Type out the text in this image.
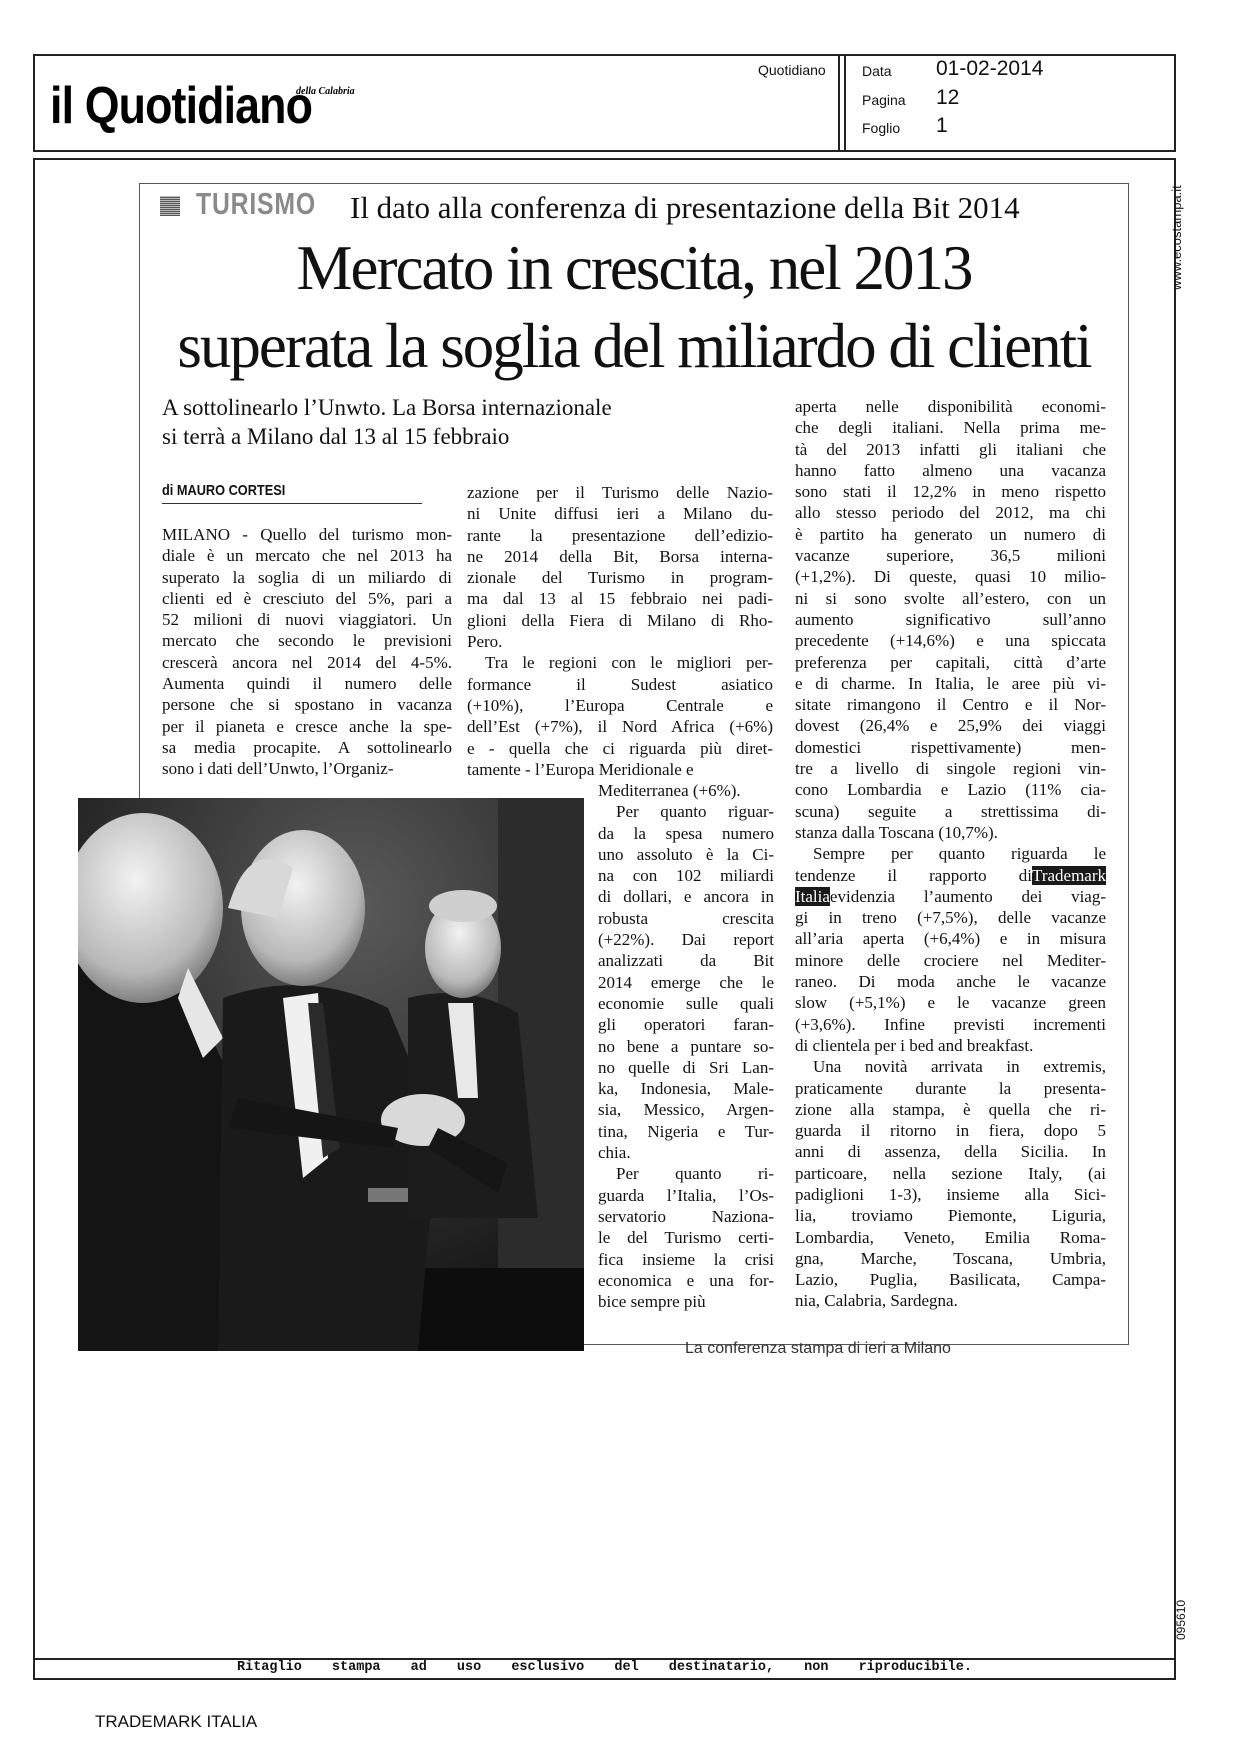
il Quotidiano
della Calabria
Quotidiano	Data 01-02-2014
Pagina 12
Foglio 1
www.ecostampa.it
095610
Ritaglio stampa ad uso esclusivo del destinatario, non riproducibile.
TRADEMARK ITALIA
TURISMO Il dato alla conferenza di presentazione della Bit 2014
Mercato in crescita, nel 2013
superata la soglia del miliardo di clienti
A sottolinearlo l’Unwto. La Borsa internazionale
si terrà a Milano dal 13 al 15 febbraio
di MAURO CORTESI
MILANO - Quello del turismo mon-
diale è un mercato che nel 2013 ha
superato la soglia di un miliardo di
clienti ed è cresciuto del 5%, pari a
52 milioni di nuovi viaggiatori. Un
mercato che secondo le previsioni
crescerà ancora nel 2014 del 4-5%.
Aumenta quindi il numero delle
persone che si spostano in vacanza
per il pianeta e cresce anche la spe-
sa media procapite. A sottolinearlo
sono i dati dell’Unwto, l’Organiz-
zazione per il Turismo delle Nazio-
ni Unite diffusi ieri a Milano du-
rante la presentazione dell’edizio-
ne 2014 della Bit, Borsa interna-
zionale del Turismo in program-
ma dal 13 al 15 febbraio nei padi-
glioni della Fiera di Milano di Rho-
Pero.
Tra le regioni con le migliori per-
formance il Sudest asiatico
(+10%), l’Europa Centrale e
dell’Est (+7%), il Nord Africa (+6%)
e - quella che ci riguarda più diret-
tamente - l’Europa Meridionale e
Mediterranea (+6%).
Per quanto riguar-
da la spesa numero
uno assoluto è la Ci-
na con 102 miliardi
di dollari, e ancora in
robusta crescita
(+22%). Dai report
analizzati da Bit
2014 emerge che le
economie sulle quali
gli operatori faran-
no bene a puntare so-
no quelle di Sri Lan-
ka, Indonesia, Male-
sia, Messico, Argen-
tina, Nigeria e Tur-
chia.
Per quanto ri-
guarda l’Italia, l’Os-
servatorio Naziona-
le del Turismo certi-
fica insieme la crisi
economica e una for-
bice sempre più
aperta nelle disponibilità economi-
che degli italiani. Nella prima me-
tà del 2013 infatti gli italiani che
hanno fatto almeno una vacanza
sono stati il 12,2% in meno rispetto
allo stesso periodo del 2012, ma chi
è partito ha generato un numero di
vacanze superiore, 36,5 milioni
(+1,2%). Di queste, quasi 10 milio-
ni si sono svolte all’estero, con un
aumento significativo sull’anno
precedente (+14,6%) e una spiccata
preferenza per capitali, città d’arte
e di charme. In Italia, le aree più vi-
sitate rimangono il Centro e il Nor-
dovest (26,4% e 25,9% dei viaggi
domestici rispettivamente) men-
tre a livello di singole regioni vin-
cono Lombardia e Lazio (11% cia-
scuna) seguite a strettissima di-
stanza dalla Toscana (10,7%).
Sempre per quanto riguarda le
tendenze il rapporto diTrademark
Italiaevidenzia l’aumento dei viag-
gi in treno (+7,5%), delle vacanze
all’aria aperta (+6,4%) e in misura
minore delle crociere nel Mediter-
raneo. Di moda anche le vacanze
slow (+5,1%) e le vacanze green
(+3,6%). Infine previsti incrementi
di clientela per i bed and breakfast.
Una novità arrivata in extremis,
praticamente durante la presenta-
zione alla stampa, è quella che ri-
guarda il ritorno in fiera, dopo 5
anni di assenza, della Sicilia. In
particoare, nella sezione Italy, (ai
padiglioni 1-3), insieme alla Sici-
lia, troviamo Piemonte, Liguria,
Lombardia, Veneto, Emilia Roma-
gna, Marche, Toscana, Umbria,
Lazio, Puglia, Basilicata, Campa-
nia, Calabria, Sardegna.
La conferenza stampa di ieri a Milano
